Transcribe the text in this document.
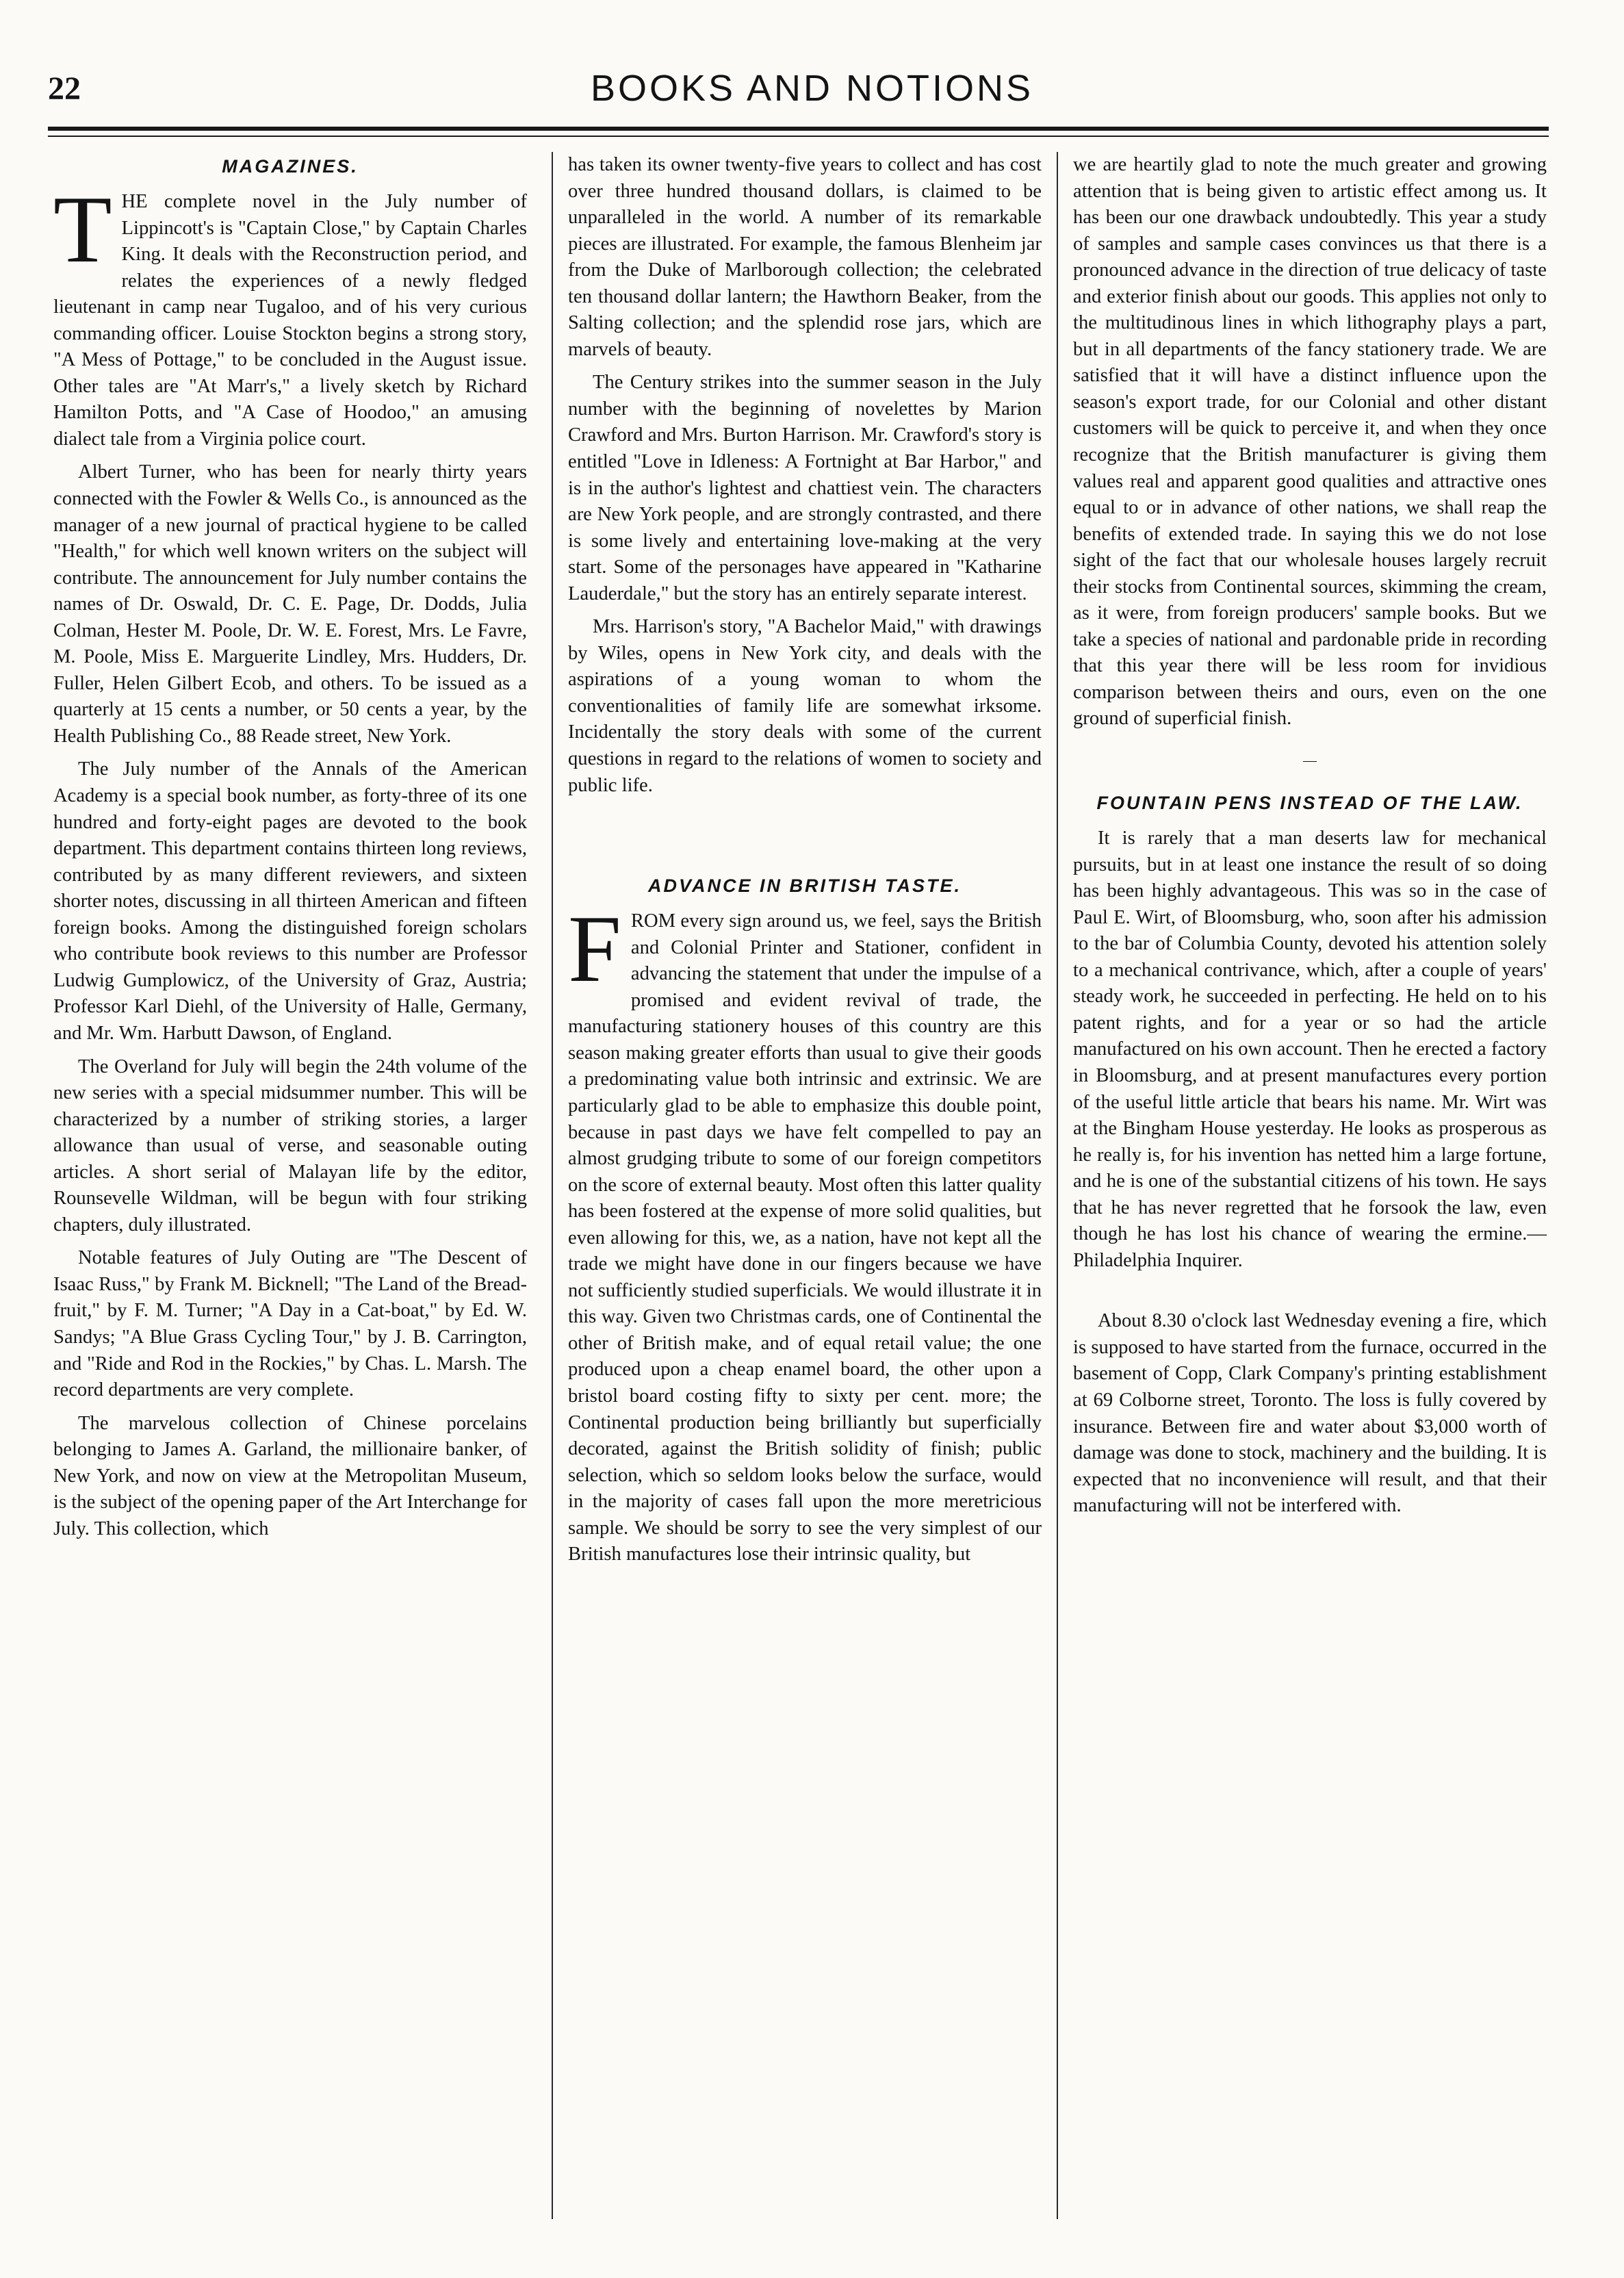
22	BOOKS AND NOTIONS
MAGAZINES.

THE complete novel in the July number of Lippincott's is "Captain Close," by Captain Charles King. It deals with the Reconstruction period, and relates the experiences of a newly fledged lieutenant in camp near Tugaloo, and of his very curious commanding officer. Louise Stockton begins a strong story, "A Mess of Pottage," to be concluded in the August issue. Other tales are "At Marr's," a lively sketch by Richard Hamilton Potts, and "A Case of Hoodoo," an amusing dialect tale from a Virginia police court.

Albert Turner, who has been for nearly thirty years connected with the Fowler & Wells Co., is announced as the manager of a new journal of practical hygiene to be called "Health," for which well known writers on the subject will contribute. The announcement for July number contains the names of Dr. Oswald, Dr. C. E. Page, Dr. Dodds, Julia Colman, Hester M. Poole, Dr. W. E. Forest, Mrs. Le Favre, M. Poole, Miss E. Marguerite Lindley, Mrs. Hudders, Dr. Fuller, Helen Gilbert Ecob, and others. To be issued as a quarterly at 15 cents a number, or 50 cents a year, by the Health Publishing Co., 88 Reade street, New York.

The July number of the Annals of the American Academy is a special book number, as forty-three of its one hundred and forty-eight pages are devoted to the book department. This department contains thirteen long reviews, contributed by as many different reviewers, and sixteen shorter notes, discussing in all thirteen American and fifteen foreign books. Among the distinguished foreign scholars who contribute book reviews to this number are Professor Ludwig Gumplowicz, of the University of Graz, Austria; Professor Karl Diehl, of the University of Halle, Germany, and Mr. Wm. Harbutt Dawson, of England.

The Overland for July will begin the 24th volume of the new series with a special midsummer number. This will be characterized by a number of striking stories, a larger allowance than usual of verse, and seasonable outing articles. A short serial of Malayan life by the editor, Rounsevelle Wildman, will be begun with four striking chapters, duly illustrated.

Notable features of July Outing are "The Descent of Isaac Russ," by Frank M. Bicknell; "The Land of the Bread-fruit," by F. M. Turner; "A Day in a Cat-boat," by Ed. W. Sandys; "A Blue Grass Cycling Tour," by J. B. Carrington, and "Ride and Rod in the Rockies," by Chas. L. Marsh. The record departments are very complete.

The marvelous collection of Chinese porcelains belonging to James A. Garland, the millionaire banker, of New York, and now on view at the Metropolitan Museum, is the subject of the opening paper of the Art Interchange for July. This collection, which

has taken its owner twenty-five years to collect and has cost over three hundred thousand dollars, is claimed to be unparalleled in the world. A number of its remarkable pieces are illustrated. For example, the famous Blenheim jar from the Duke of Marlborough collection; the celebrated ten thousand dollar lantern; the Hawthorn Beaker, from the Salting collection; and the splendid rose jars, which are marvels of beauty.

The Century strikes into the summer season in the July number with the beginning of novelettes by Marion Crawford and Mrs. Burton Harrison. Mr. Crawford's story is entitled "Love in Idleness: A Fortnight at Bar Harbor," and is in the author's lightest and chattiest vein. The characters are New York people, and are strongly contrasted, and there is some lively and entertaining love-making at the very start. Some of the personages have appeared in "Katharine Lauderdale," but the story has an entirely separate interest.

Mrs. Harrison's story, "A Bachelor Maid," with drawings by Wiles, opens in New York city, and deals with the aspirations of a young woman to whom the conventionalities of family life are somewhat irksome. Incidentally the story deals with some of the current questions in regard to the relations of women to society and public life.

ADVANCE IN BRITISH TASTE.

FROM every sign around us, we feel, says the British and Colonial Printer and Stationer, confident in advancing the statement that under the impulse of a promised and evident revival of trade, the manufacturing stationery houses of this country are this season making greater efforts than usual to give their goods a predominating value both intrinsic and extrinsic. We are particularly glad to be able to emphasize this double point, because in past days we have felt compelled to pay an almost grudging tribute to some of our foreign competitors on the score of external beauty. Most often this latter quality has been fostered at the expense of more solid qualities, but even allowing for this, we, as a nation, have not kept all the trade we might have done in our fingers because we have not sufficiently studied superficials. We would illustrate it in this way. Given two Christmas cards, one of Continental the other of British make, and of equal retail value; the one produced upon a cheap enamel board, the other upon a bristol board costing fifty to sixty per cent. more; the Continental production being brilliantly but superficially decorated, against the British solidity of finish; public selection, which so seldom looks below the surface, would in the majority of cases fall upon the more meretricious sample. We should be sorry to see the very simplest of our British manufactures lose their intrinsic quality, but

we are heartily glad to note the much greater and growing attention that is being given to artistic effect among us. It has been our one drawback undoubtedly. This year a study of samples and sample cases convinces us that there is a pronounced advance in the direction of true delicacy of taste and exterior finish about our goods. This applies not only to the multitudinous lines in which lithography plays a part, but in all departments of the fancy stationery trade. We are satisfied that it will have a distinct influence upon the season's export trade, for our Colonial and other distant customers will be quick to perceive it, and when they once recognize that the British manufacturer is giving them values real and apparent good qualities and attractive ones equal to or in advance of other nations, we shall reap the benefits of extended trade. In saying this we do not lose sight of the fact that our wholesale houses largely recruit their stocks from Continental sources, skimming the cream, as it were, from foreign producers' sample books. But we take a species of national and pardonable pride in recording that this year there will be less room for invidious comparison between theirs and ours, even on the one ground of superficial finish.

—
FOUNTAIN PENS INSTEAD OF THE LAW.

It is rarely that a man deserts law for mechanical pursuits, but in at least one instance the result of so doing has been highly advantageous. This was so in the case of Paul E. Wirt, of Bloomsburg, who, soon after his admission to the bar of Columbia County, devoted his attention solely to a mechanical contrivance, which, after a couple of years' steady work, he succeeded in perfecting. He held on to his patent rights, and for a year or so had the article manufactured on his own account. Then he erected a factory in Bloomsburg, and at present manufactures every portion of the useful little article that bears his name. Mr. Wirt was at the Bingham House yesterday. He looks as prosperous as he really is, for his invention has netted him a large fortune, and he is one of the substantial citizens of his town. He says that he has never regretted that he forsook the law, even though he has lost his chance of wearing the ermine.—Philadelphia Inquirer.

About 8.30 o'clock last Wednesday evening a fire, which is supposed to have started from the furnace, occurred in the basement of Copp, Clark Company's printing establishment at 69 Colborne street, Toronto. The loss is fully covered by insurance. Between fire and water about $3,000 worth of damage was done to stock, machinery and the building. It is expected that no inconvenience will result, and that their manufacturing will not be interfered with.
